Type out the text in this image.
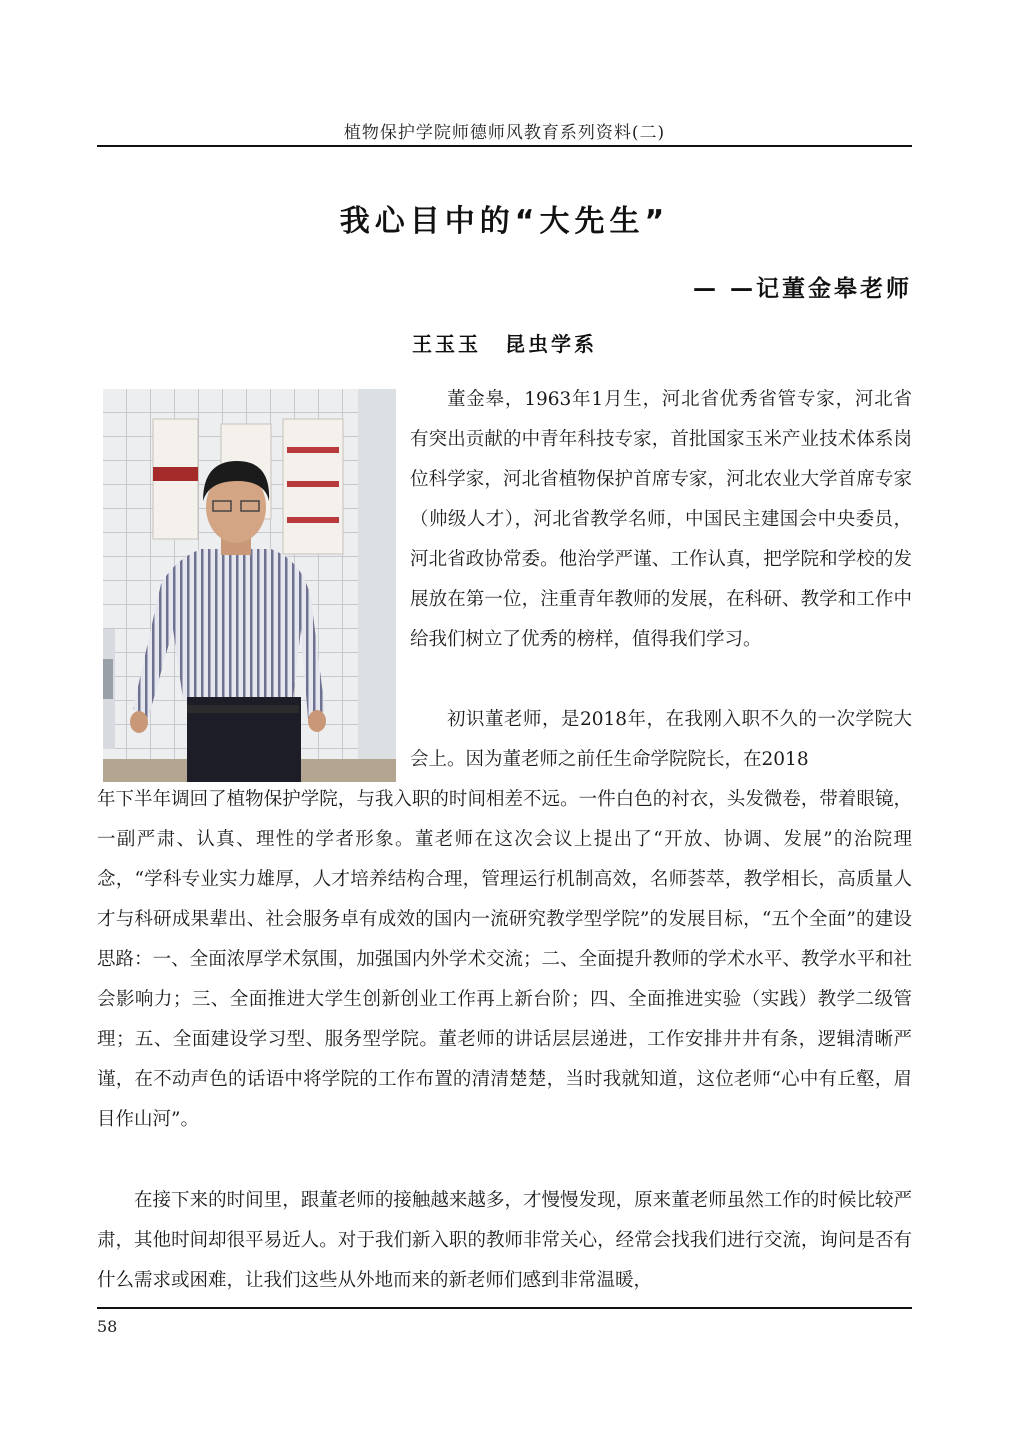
植物保护学院师德师风教育系列资料(二)
我心目中的“大先生”
— —记董金皋老师
王玉玉 昆虫学系

董金皋，1963年1月生，河北省优秀省管专家，河北省有突出贡献的中青年科技专家，首批国家玉米产业技术体系岗位科学家，河北省植物保护首席专家，河北农业大学首席专家（帅级人才），河北省教学名师，中国民主建国会中央委员，河北省政协常委。他治学严谨、工作认真，把学院和学校的发展放在第一位，注重青年教师的发展，在科研、教学和工作中给我们树立了优秀的榜样，值得我们学习。

初识董老师，是2018年，在我刚入职不久的一次学院大会上。因为董老师之前任生命学院院长，在2018

年下半年调回了植物保护学院，与我入职的时间相差不远。一件白色的衬衣，头发微卷，带着眼镜，一副严肃、认真、理性的学者形象。董老师在这次会议上提出了“开放、协调、发展”的治院理念，“学科专业实力雄厚，人才培养结构合理，管理运行机制高效，名师荟萃，教学相长，高质量人才与科研成果辈出、社会服务卓有成效的国内一流研究教学型学院”的发展目标，“五个全面”的建设思路：一、全面浓厚学术氛围，加强国内外学术交流；二、全面提升教师的学术水平、教学水平和社会影响力；三、全面推进大学生创新创业工作再上新台阶；四、全面推进实验（实践）教学二级管理；五、全面建设学习型、服务型学院。董老师的讲话层层递进，工作安排井井有条，逻辑清晰严谨，在不动声色的话语中将学院的工作布置的清清楚楚，当时我就知道，这位老师“心中有丘壑，眉目作山河”。

在接下来的时间里，跟董老师的接触越来越多，才慢慢发现，原来董老师虽然工作的时候比较严肃，其他时间却很平易近人。对于我们新入职的教师非常关心，经常会找我们进行交流，询问是否有什么需求或困难，让我们这些从外地而来的新老师们感到非常温暖，

58
